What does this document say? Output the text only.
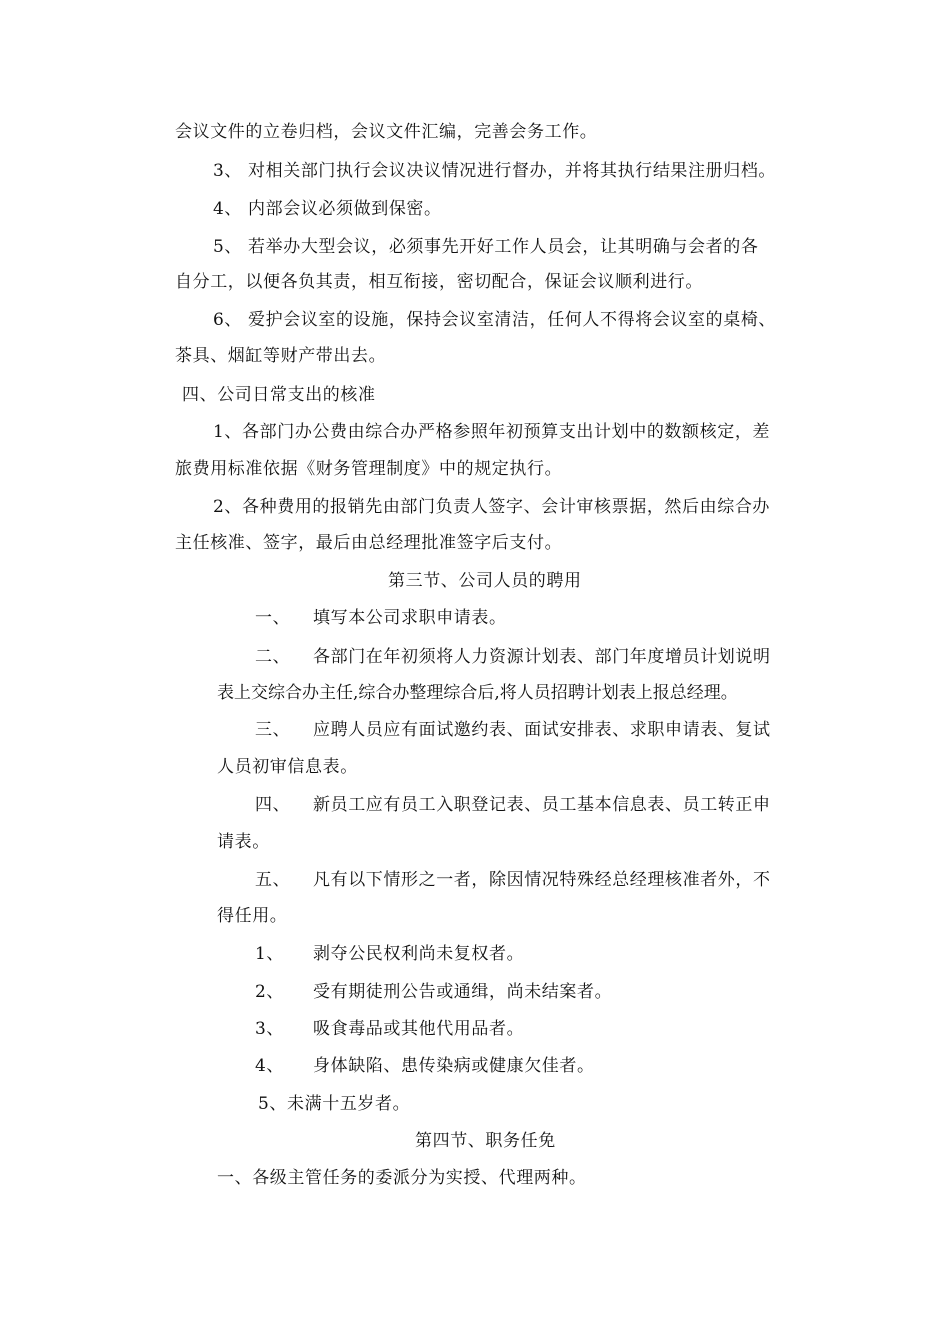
会议文件的立卷归档，会议文件汇编，完善会务工作。
3、 对相关部门执行会议决议情况进行督办，并将其执行结果注册归档。
4、 内部会议必须做到保密。
5、 若举办大型会议，必须事先开好工作人员会，让其明确与会者的各
自分工，以便各负其责，相互衔接，密切配合，保证会议顺利进行。
6、 爱护会议室的设施，保持会议室清洁，任何人不得将会议室的桌椅、
茶具、烟缸等财产带出去。
四、公司日常支出的核准
1、各部门办公费由综合办严格参照年初预算支出计划中的数额核定，差
旅费用标准依据《财务管理制度》中的规定执行。
2、各种费用的报销先由部门负责人签字、会计审核票据，然后由综合办
主任核准、签字，最后由总经理批准签字后支付。
第三节、公司人员的聘用
一、 填写本公司求职申请表。
二、 各部门在年初须将人力资源计划表、部门年度增员计划说明
表上交综合办主任,综合办整理综合后,将人员招聘计划表上报总经理。
三、 应聘人员应有面试邀约表、面试安排表、求职申请表、复试
人员初审信息表。
四、 新员工应有员工入职登记表、员工基本信息表、员工转正申
请表。
五、 凡有以下情形之一者，除因情况特殊经总经理核准者外，不
得任用。
1、 剥夺公民权利尚未复权者。
2、 受有期徒刑公告或通缉，尚未结案者。
3、 吸食毒品或其他代用品者。
4、 身体缺陷、患传染病或健康欠佳者。
5、未满十五岁者。
第四节、职务任免
一、各级主管任务的委派分为实授、代理两种。
